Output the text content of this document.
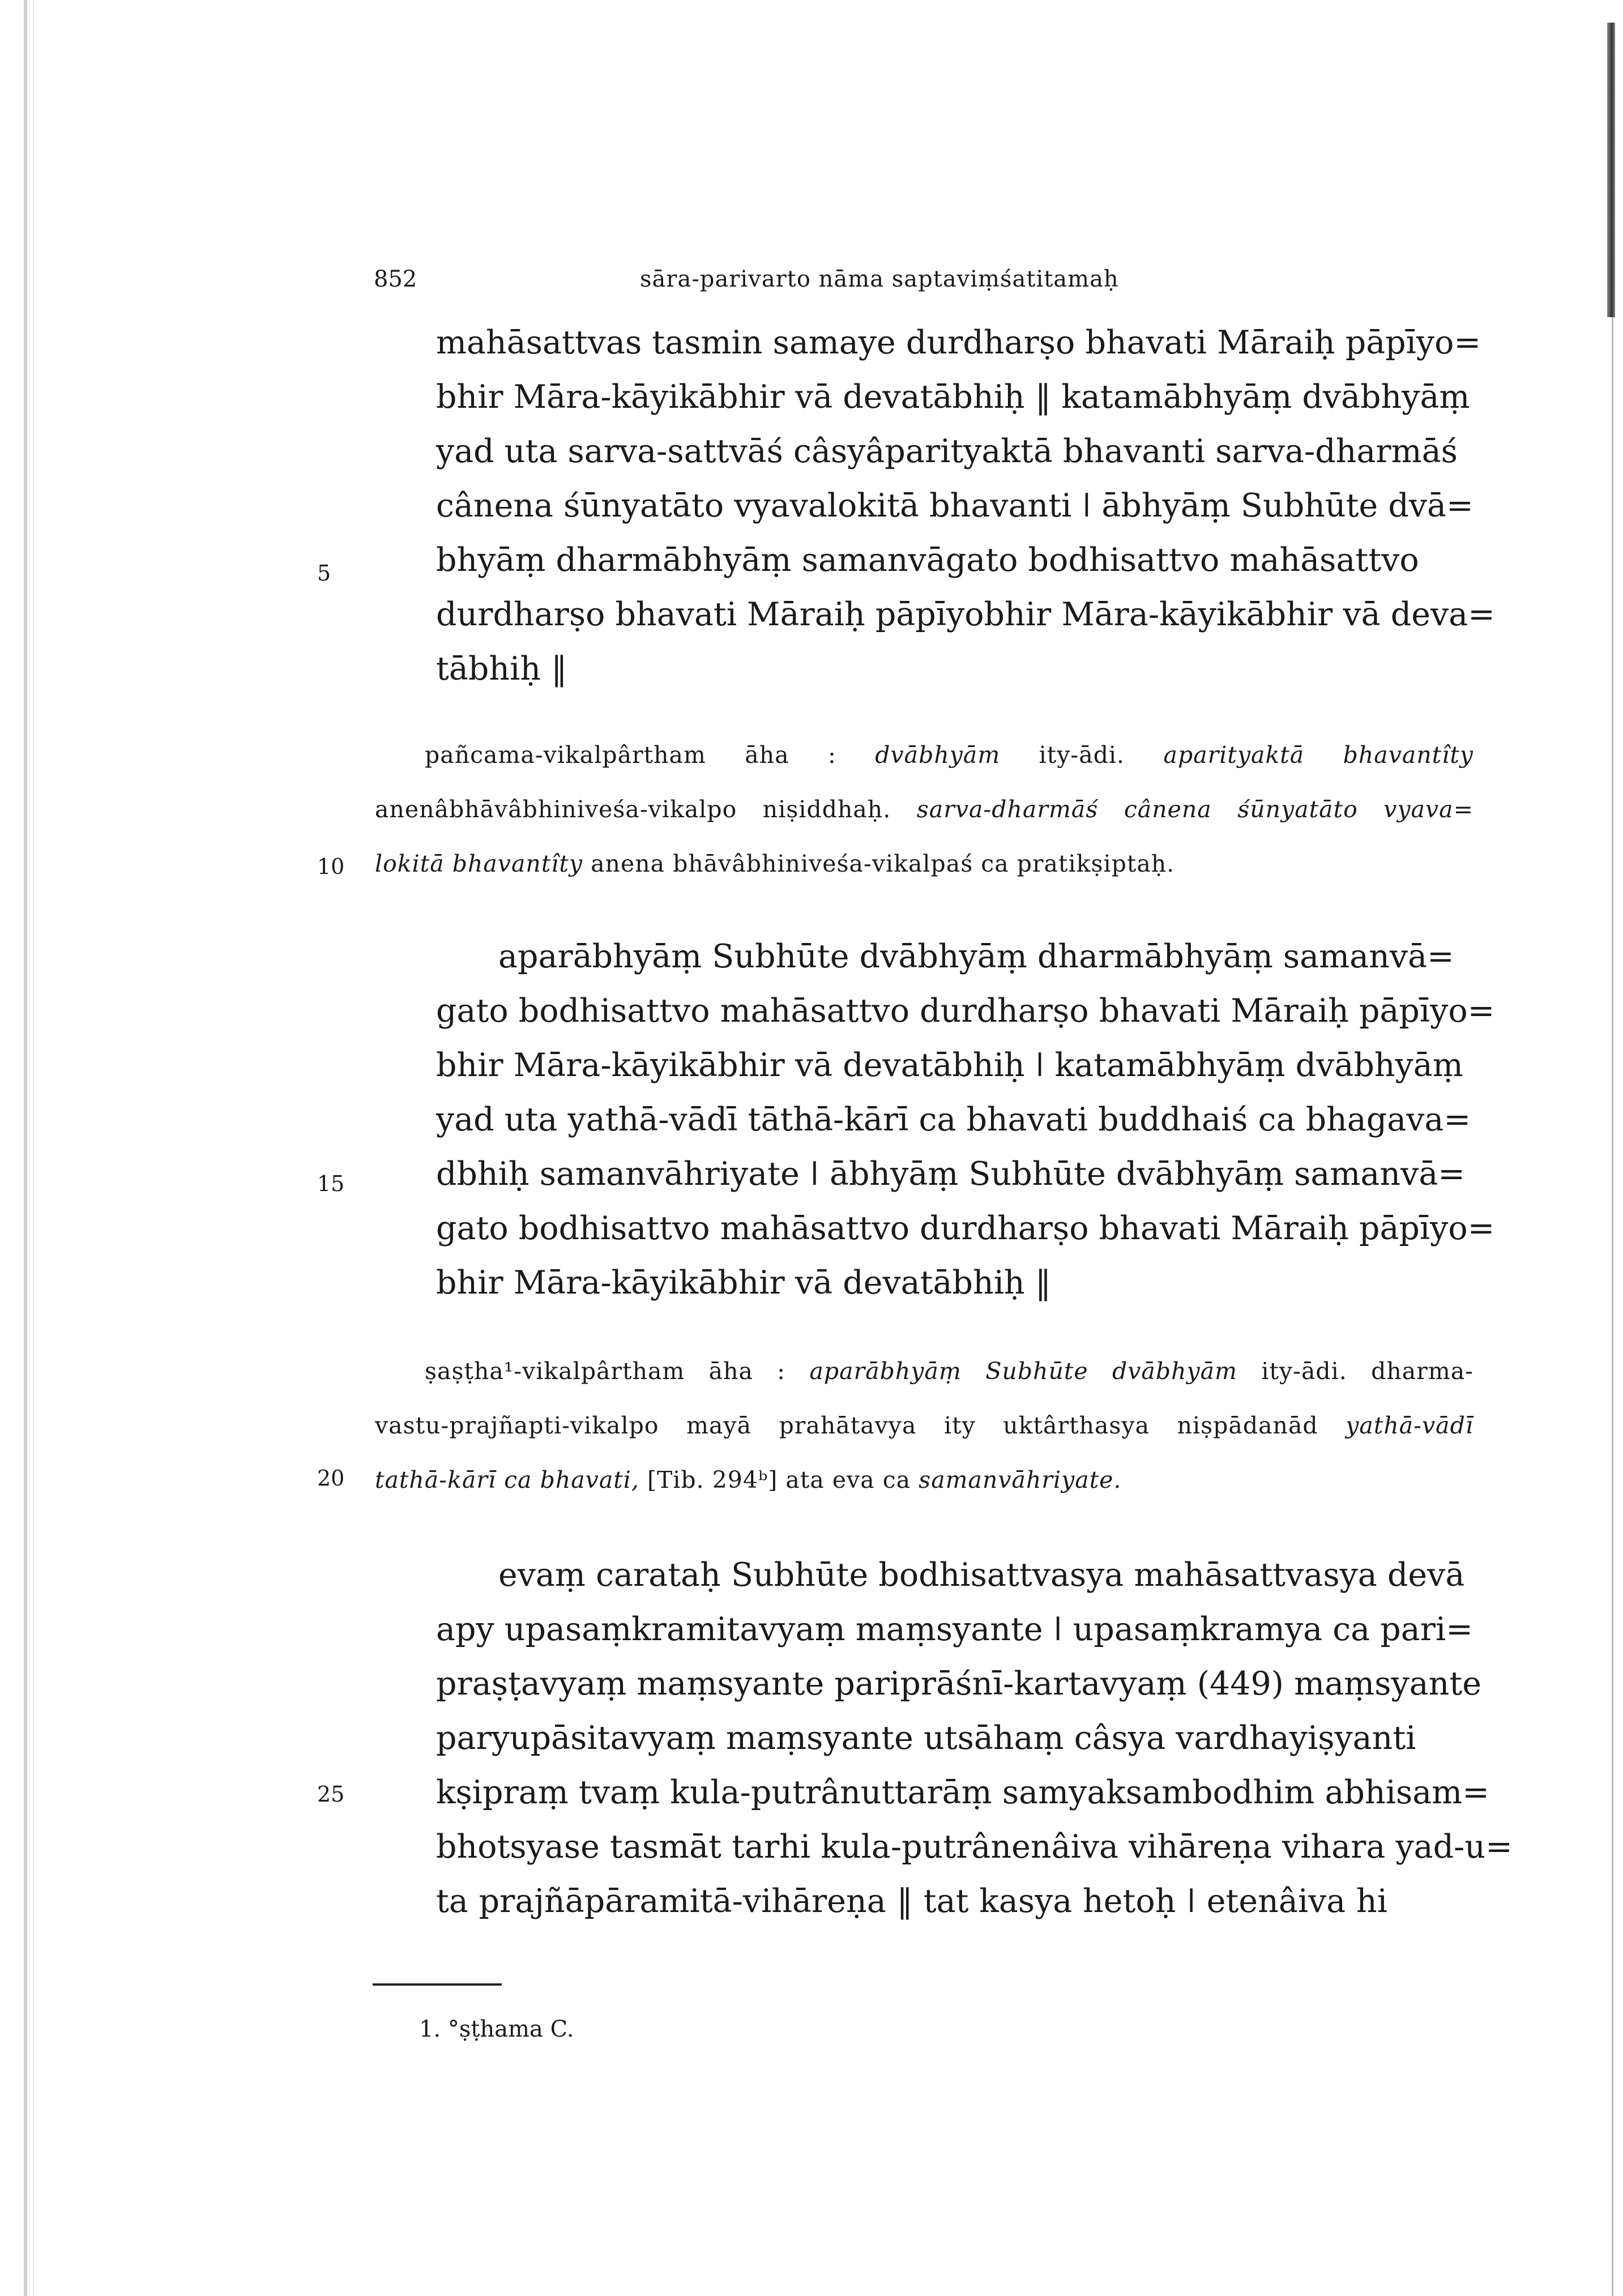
852	sāra-parivarto nāma saptaviṃśatitamaḥ
mahāsattvas tasmin samaye durdharṣo bhavati Māraiḥ pāpīyo=
bhir Māra-kāyikābhir vā devatābhiḥ ‖ katamābhyāṃ dvābhyāṃ
yad uta sarva-sattvāś câsyâparityaktā bhavanti sarva-dharmāś
cânena śūnyatāto vyavalokitā bhavanti ǀ ābhyāṃ Subhūte dvā=
bhyāṃ dharmābhyāṃ samanvāgato bodhisattvo mahāsattvo
durdharṣo bhavati Māraiḥ pāpīyobhir Māra-kāyikābhir vā deva=
tābhiḥ ‖
pañcama-vikalpârtham āha : dvābhyām ity-ādi. aparityaktā bhavantîty
anenâbhāvâbhiniveśa-vikalpo niṣiddhaḥ. sarva-dharmāś cânena śūnyatāto vyava=
lokitā bhavantîty anena bhāvâbhiniveśa-vikalpaś ca pratikṣiptaḥ.
aparābhyāṃ Subhūte dvābhyāṃ dharmābhyāṃ samanvā=
gato bodhisattvo mahāsattvo durdharṣo bhavati Māraiḥ pāpīyo=
bhir Māra-kāyikābhir vā devatābhiḥ ǀ katamābhyāṃ dvābhyāṃ
yad uta yathā-vādī tāthā-kārī ca bhavati buddhaiś ca bhagava=
dbhiḥ samanvāhriyate ǀ ābhyāṃ Subhūte dvābhyāṃ samanvā=
gato bodhisattvo mahāsattvo durdharṣo bhavati Māraiḥ pāpīyo=
bhir Māra-kāyikābhir vā devatābhiḥ ‖
ṣaṣṭha¹-vikalpârtham āha : aparābhyāṃ Subhūte dvābhyām ity-ādi. dharma-
vastu-prajñapti-vikalpo mayā prahātavya ity uktârthasya niṣpādanād yathā-vādī
tathā-kārī ca bhavati, [Tib. 294ᵇ] ata eva ca samanvāhriyate.
evaṃ carataḥ Subhūte bodhisattvasya mahāsattvasya devā
apy upasaṃkramitavyaṃ maṃsyante ǀ upasaṃkramya ca pari=
praṣṭavyaṃ maṃsyante pariprāśnī-kartavyaṃ (449) maṃsyante
paryupāsitavyaṃ maṃsyante utsāhaṃ câsya vardhayiṣyanti
kṣipraṃ tvaṃ kula-putrânuttarāṃ samyaksambodhim abhisam=
bhotsyase tasmāt tarhi kula-putrânenâiva vihāreṇa vihara yad-u=
ta prajñāpāramitā-vihāreṇa ‖ tat kasya hetoḥ ǀ etenâiva hi
5
10
15
20
25
1. °ṣṭhama C.
